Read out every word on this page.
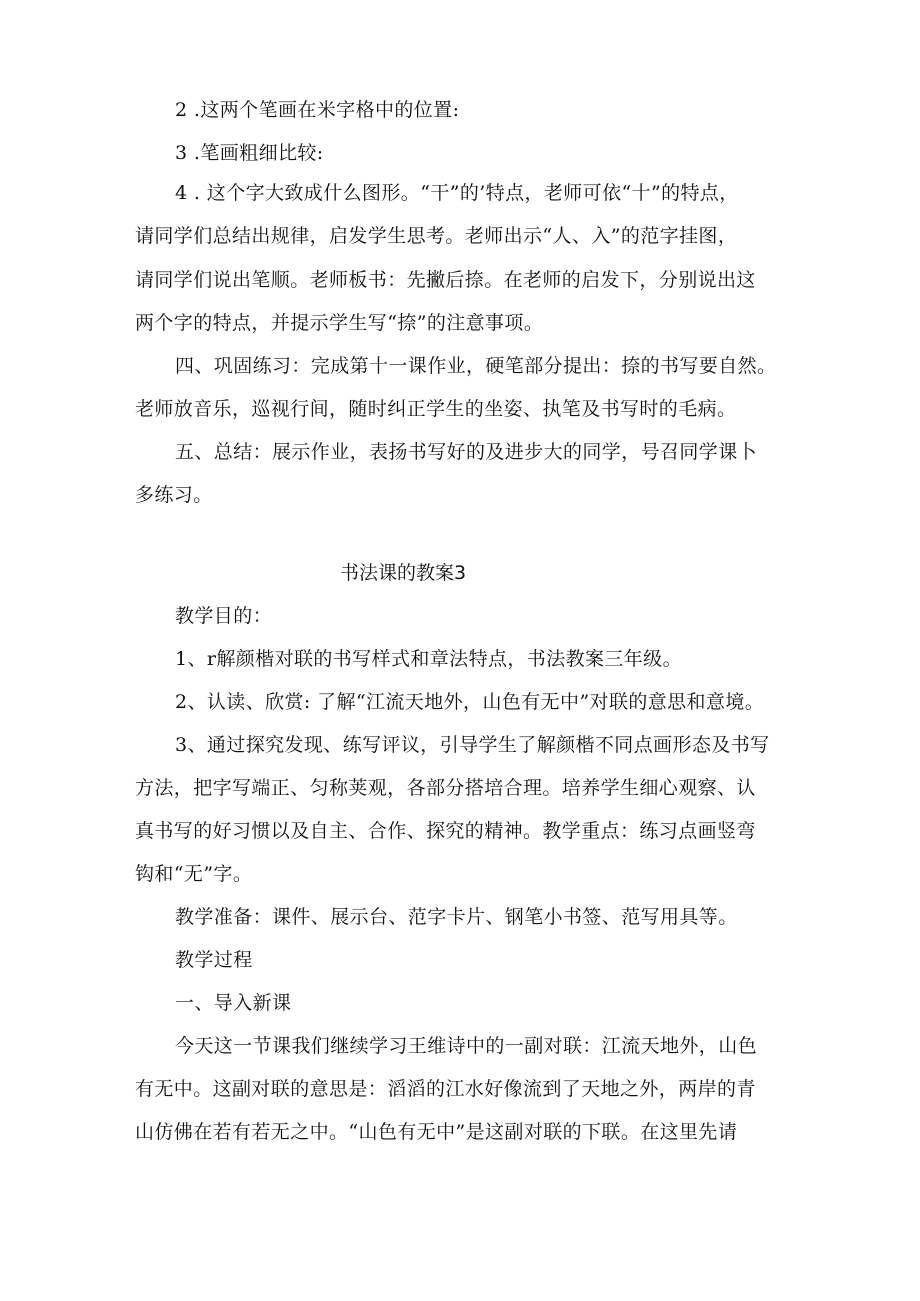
2 .这两个笔画在米字格中的位置:
3 .笔画粗细比较:
4 . 这个字大致成什么图形。“干”的’特点，老师可依“十”的特点，
请同学们总结出规律，启发学生思考。老师出示“人、入”的范字挂图，
请同学们说出笔顺。老师板书：先撇后捺。在老师的启发下，分别说出这
两个字的特点，并提示学生写“捺”的注意事项。
四、巩固练习：完成第十一课作业，硬笔部分提出：捺的书写要自然。
老师放音乐，巡视行间，随时纠正学生的坐姿、执笔及书写时的毛病。
五、总结：展示作业，表扬书写好的及进步大的同学，号召同学课卜
多练习。
书法课的教案3
教学目的：
1、r解颜楷对联的书写样式和章法特点，书法教案三年级。
2、认读、欣赏: 了解“江流天地外，山色有无中”对联的意思和意境。
3、通过探究发现、练写评议，引导学生了解颜楷不同点画形态及书写
方法，把字写端正、匀称荚观，各部分搭培合理。培养学生细心观察、认
真书写的好习惯以及自主、合作、探究的精神。教学重点：练习点画竖弯
钩和“无”字。
教学准备：课件、展示台、范字卡片、钢笔小书签、范写用具等。
教学过程
一、导入新课
今天这一节课我们继续学习王维诗中的一副对联：江流天地外，山色
有无中。这副对联的意思是：滔滔的江水好像流到了天地之外，两岸的青
山仿佛在若有若无之中。“山色有无中”是这副对联的下联。在这里先请
